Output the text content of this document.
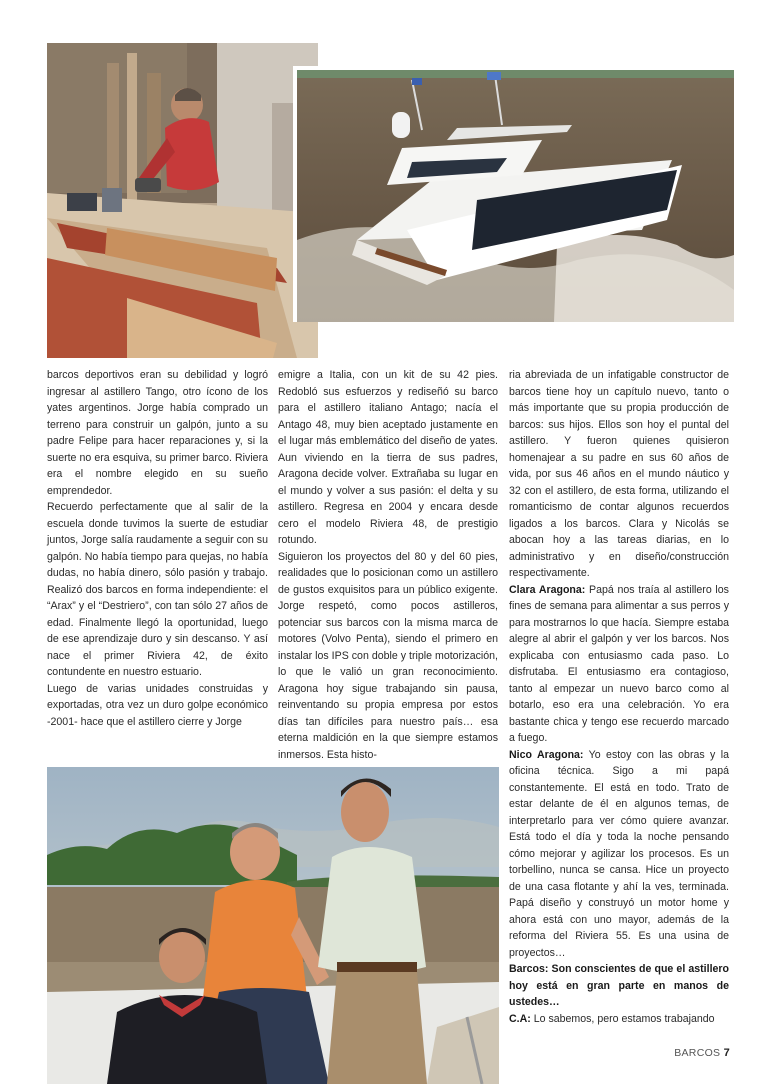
barcos deportivos eran su debilidad y logró ingresar al astillero Tango, otro ícono de los yates argentinos. Jorge había comprado un terreno para construir un galpón, junto a su padre Felipe para hacer reparaciones y, si la suerte no era esquiva, su primer barco. Riviera era el nombre elegido en su sueño emprendedor.

Recuerdo perfectamente que al salir de la escuela donde tuvimos la suerte de estudiar juntos, Jorge salía raudamente a seguir con su galpón. No había tiempo para quejas, no había dudas, no había dinero, sólo pasión y trabajo. Realizó dos barcos en forma independiente: el “Arax” y el “Destriero”, con tan sólo 27 años de edad. Finalmente llegó la oportunidad, luego de ese aprendizaje duro y sin descanso. Y así nace el primer Riviera 42, de éxito contundente en nuestro estuario.

Luego de varias unidades construidas y exportadas, otra vez un duro golpe económico -2001- hace que el astillero cierre y Jorge

emigre a Italia, con un kit de su 42 pies. Redobló sus esfuerzos y rediseñó su barco para el astillero italiano Antago; nacía el Antago 48, muy bien aceptado justamente en el lugar más emblemático del diseño de yates. Aun viviendo en la tierra de sus padres, Aragona decide volver. Extrañaba su lugar en el mundo y volver a sus pasión: el delta y su astillero. Regresa en 2004 y encara desde cero el modelo Riviera 48, de prestigio rotundo.

Siguieron los proyectos del 80 y del 60 pies, realidades que lo posicionan como un astillero de gustos exquisitos para un público exigente. Jorge respetó, como pocos astilleros, potenciar sus barcos con la misma marca de motores (Volvo Penta), siendo el primero en instalar los IPS con doble y triple motorización, lo que le valió un gran reconocimiento. Aragona hoy sigue trabajando sin pausa, reinventando su propia empresa por estos días tan difíciles para nuestro país… esa eterna maldición en la que siempre estamos inmersos. Esta histo-

ria abreviada de un infatigable constructor de barcos tiene hoy un capítulo nuevo, tanto o más importante que su propia producción de barcos: sus hijos. Ellos son hoy el puntal del astillero. Y fueron quienes quisieron homenajear a su padre en sus 60 años de vida, por sus 46 años en el mundo náutico y 32 con el astillero, de esta forma, utilizando el romanticismo de contar algunos recuerdos ligados a los barcos. Clara y Nicolás se abocan hoy a las tareas diarias, en lo administrativo y en diseño/construcción respectivamente.

Clara Aragona: Papá nos traía al astillero los fines de semana para alimentar a sus perros y para mostrarnos lo que hacía. Siempre estaba alegre al abrir el galpón y ver los barcos. Nos explicaba con entusiasmo cada paso. Lo disfrutaba. El entusiasmo era contagioso, tanto al empezar un nuevo barco como al botarlo, eso era una celebración. Yo era bastante chica y tengo ese recuerdo marcado a fuego.

Nico Aragona: Yo estoy con las obras y la oficina técnica. Sigo a mi papá constantemente. El está en todo. Trato de estar delante de él en algunos temas, de interpretarlo para ver cómo quiere avanzar. Está todo el día y toda la noche pensando cómo mejorar y agilizar los procesos. Es un torbellino, nunca se cansa. Hice un proyecto de una casa flotante y ahí la ves, terminada. Papá diseño y construyó un motor home y ahora está con uno mayor, además de la reforma del Riviera 55. Es una usina de proyectos…

Barcos: Son conscientes de que el astillero hoy está en gran parte en manos de ustedes…

C.A: Lo sabemos, pero estamos trabajando

BARCOS 7
